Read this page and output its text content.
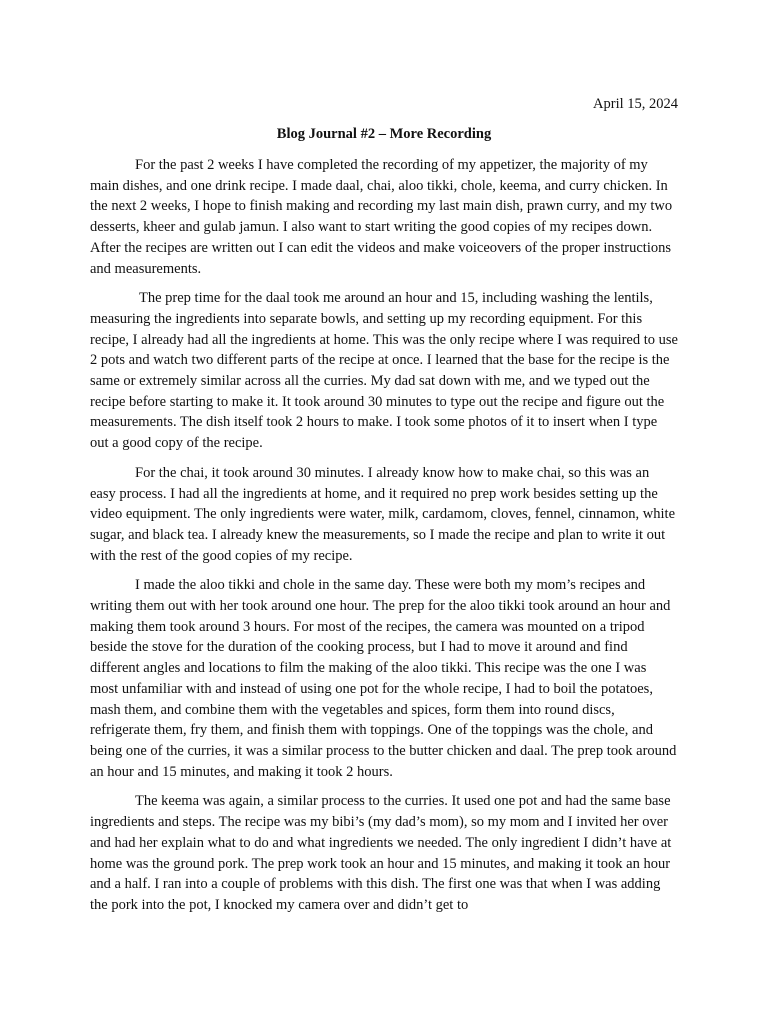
April 15, 2024

Blog Journal #2 – More Recording

For the past 2 weeks I have completed the recording of my appetizer, the majority of my main dishes, and one drink recipe. I made daal, chai, aloo tikki, chole, keema, and curry chicken. In the next 2 weeks, I hope to finish making and recording my last main dish, prawn curry, and my two desserts, kheer and gulab jamun. I also want to start writing the good copies of my recipes down. After the recipes are written out I can edit the videos and make voiceovers of the proper instructions and measurements.

The prep time for the daal took me around an hour and 15, including washing the lentils, measuring the ingredients into separate bowls, and setting up my recording equipment. For this recipe, I already had all the ingredients at home. This was the only recipe where I was required to use 2 pots and watch two different parts of the recipe at once. I learned that the base for the recipe is the same or extremely similar across all the curries. My dad sat down with me, and we typed out the recipe before starting to make it. It took around 30 minutes to type out the recipe and figure out the measurements. The dish itself took 2 hours to make. I took some photos of it to insert when I type out a good copy of the recipe.

For the chai, it took around 30 minutes. I already know how to make chai, so this was an easy process. I had all the ingredients at home, and it required no prep work besides setting up the video equipment. The only ingredients were water, milk, cardamom, cloves, fennel, cinnamon, white sugar, and black tea. I already knew the measurements, so I made the recipe and plan to write it out with the rest of the good copies of my recipe.

I made the aloo tikki and chole in the same day. These were both my mom’s recipes and writing them out with her took around one hour. The prep for the aloo tikki took around an hour and making them took around 3 hours. For most of the recipes, the camera was mounted on a tripod beside the stove for the duration of the cooking process, but I had to move it around and find different angles and locations to film the making of the aloo tikki. This recipe was the one I was most unfamiliar with and instead of using one pot for the whole recipe, I had to boil the potatoes, mash them, and combine them with the vegetables and spices, form them into round discs, refrigerate them, fry them, and finish them with toppings. One of the toppings was the chole, and being one of the curries, it was a similar process to the butter chicken and daal. The prep took around an hour and 15 minutes, and making it took 2 hours.

The keema was again, a similar process to the curries. It used one pot and had the same base ingredients and steps. The recipe was my bibi’s (my dad’s mom), so my mom and I invited her over and had her explain what to do and what ingredients we needed. The only ingredient I didn’t have at home was the ground pork. The prep work took an hour and 15 minutes, and making it took an hour and a half. I ran into a couple of problems with this dish. The first one was that when I was adding the pork into the pot, I knocked my camera over and didn’t get to
